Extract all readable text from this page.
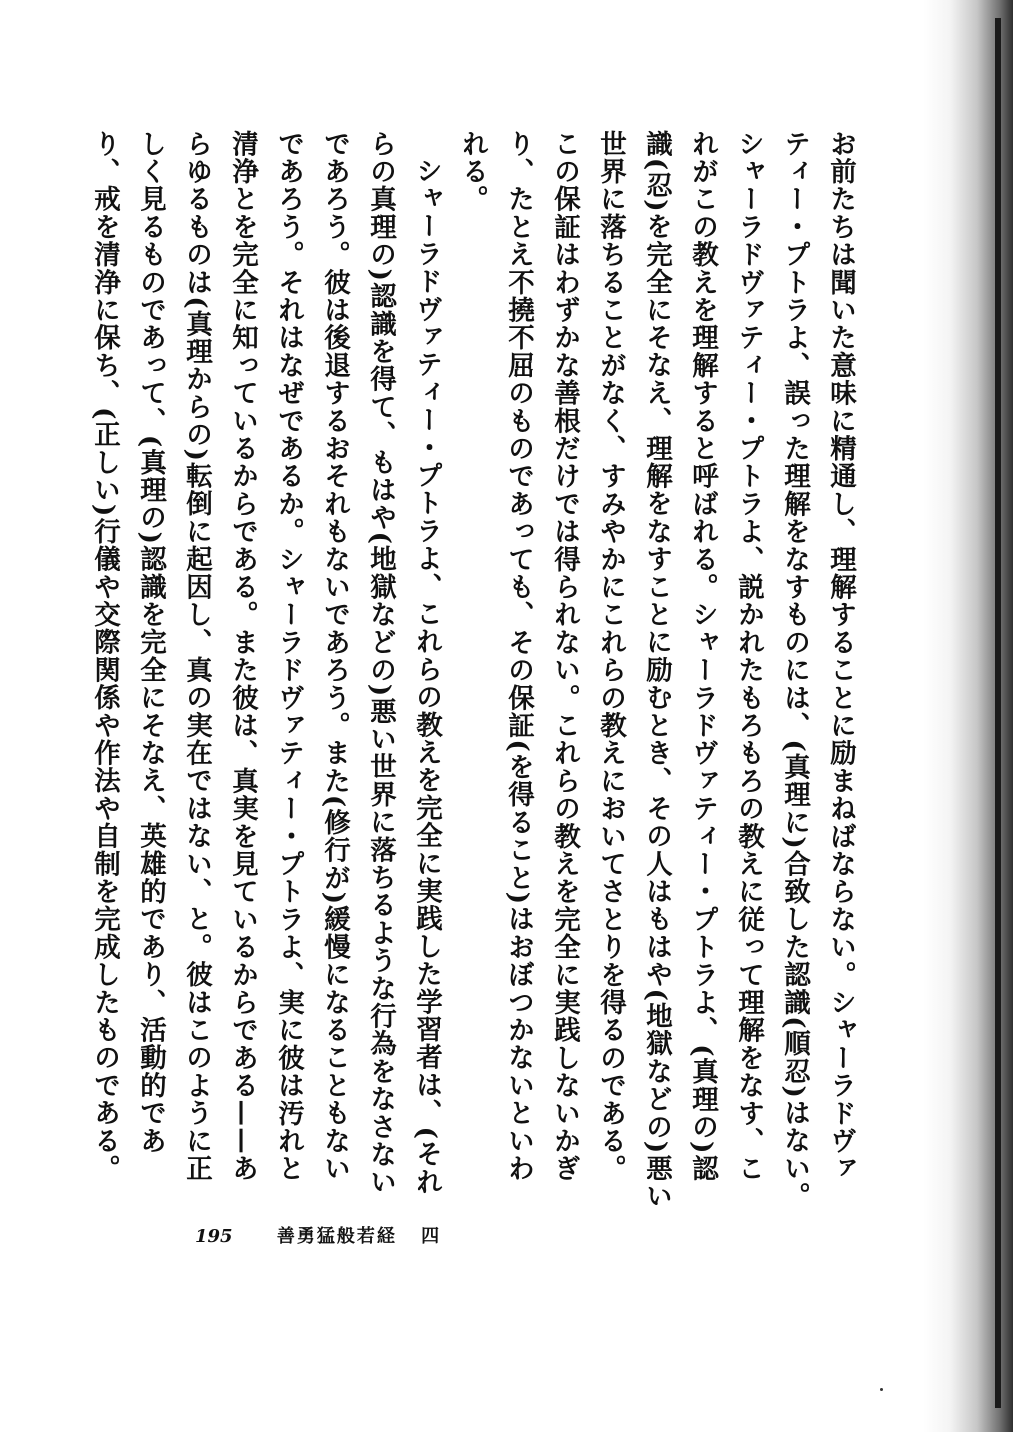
お前たちは聞いた意味に精通し、理解することに励まねばならない。シャーラドヴァティー・プトラよ、誤った理解をなすものには、(真理に)合致した認識(順忍)はない。シャーラドヴァティー・プトラよ、説かれたもろもろの教えに従って理解をなす、これがこの教えを理解すると呼ばれる。シャーラドヴァティー・プトラよ、(真理の)認識(忍)を完全にそなえ、理解をなすことに励むとき、その人はもはや(地獄などの)悪い世界に落ちることがなく、すみやかにこれらの教えにおいてさとりを得るのである。この保証はわずかな善根だけでは得られない。これらの教えを完全に実践しないかぎり、たとえ不撓不屈のものであっても、その保証(を得ること)はおぼつかないといわれる。

シャーラドヴァティー・プトラよ、これらの教えを完全に実践した学習者は、(それらの真理の)認識を得て、もはや(地獄などの)悪い世界に落ちるような行為をなさないであろう。彼は後退するおそれもないであろう。また(修行が)緩慢になることもないであろう。それはなぜであるか。シャーラドヴァティー・プトラよ、実に彼は汚れと清浄とを完全に知っているからである。また彼は、真実を見ているからである——あらゆるものは(真理からの)転倒に起因し、真の実在ではない、と。彼はこのように正しく見るものであって、(真理の)認識を完全にそなえ、英雄的であり、活動的であり、戒を清浄に保ち、(正しい)行儀や交際関係や作法や自制を完成したものである。

195 善勇猛般若経 四
